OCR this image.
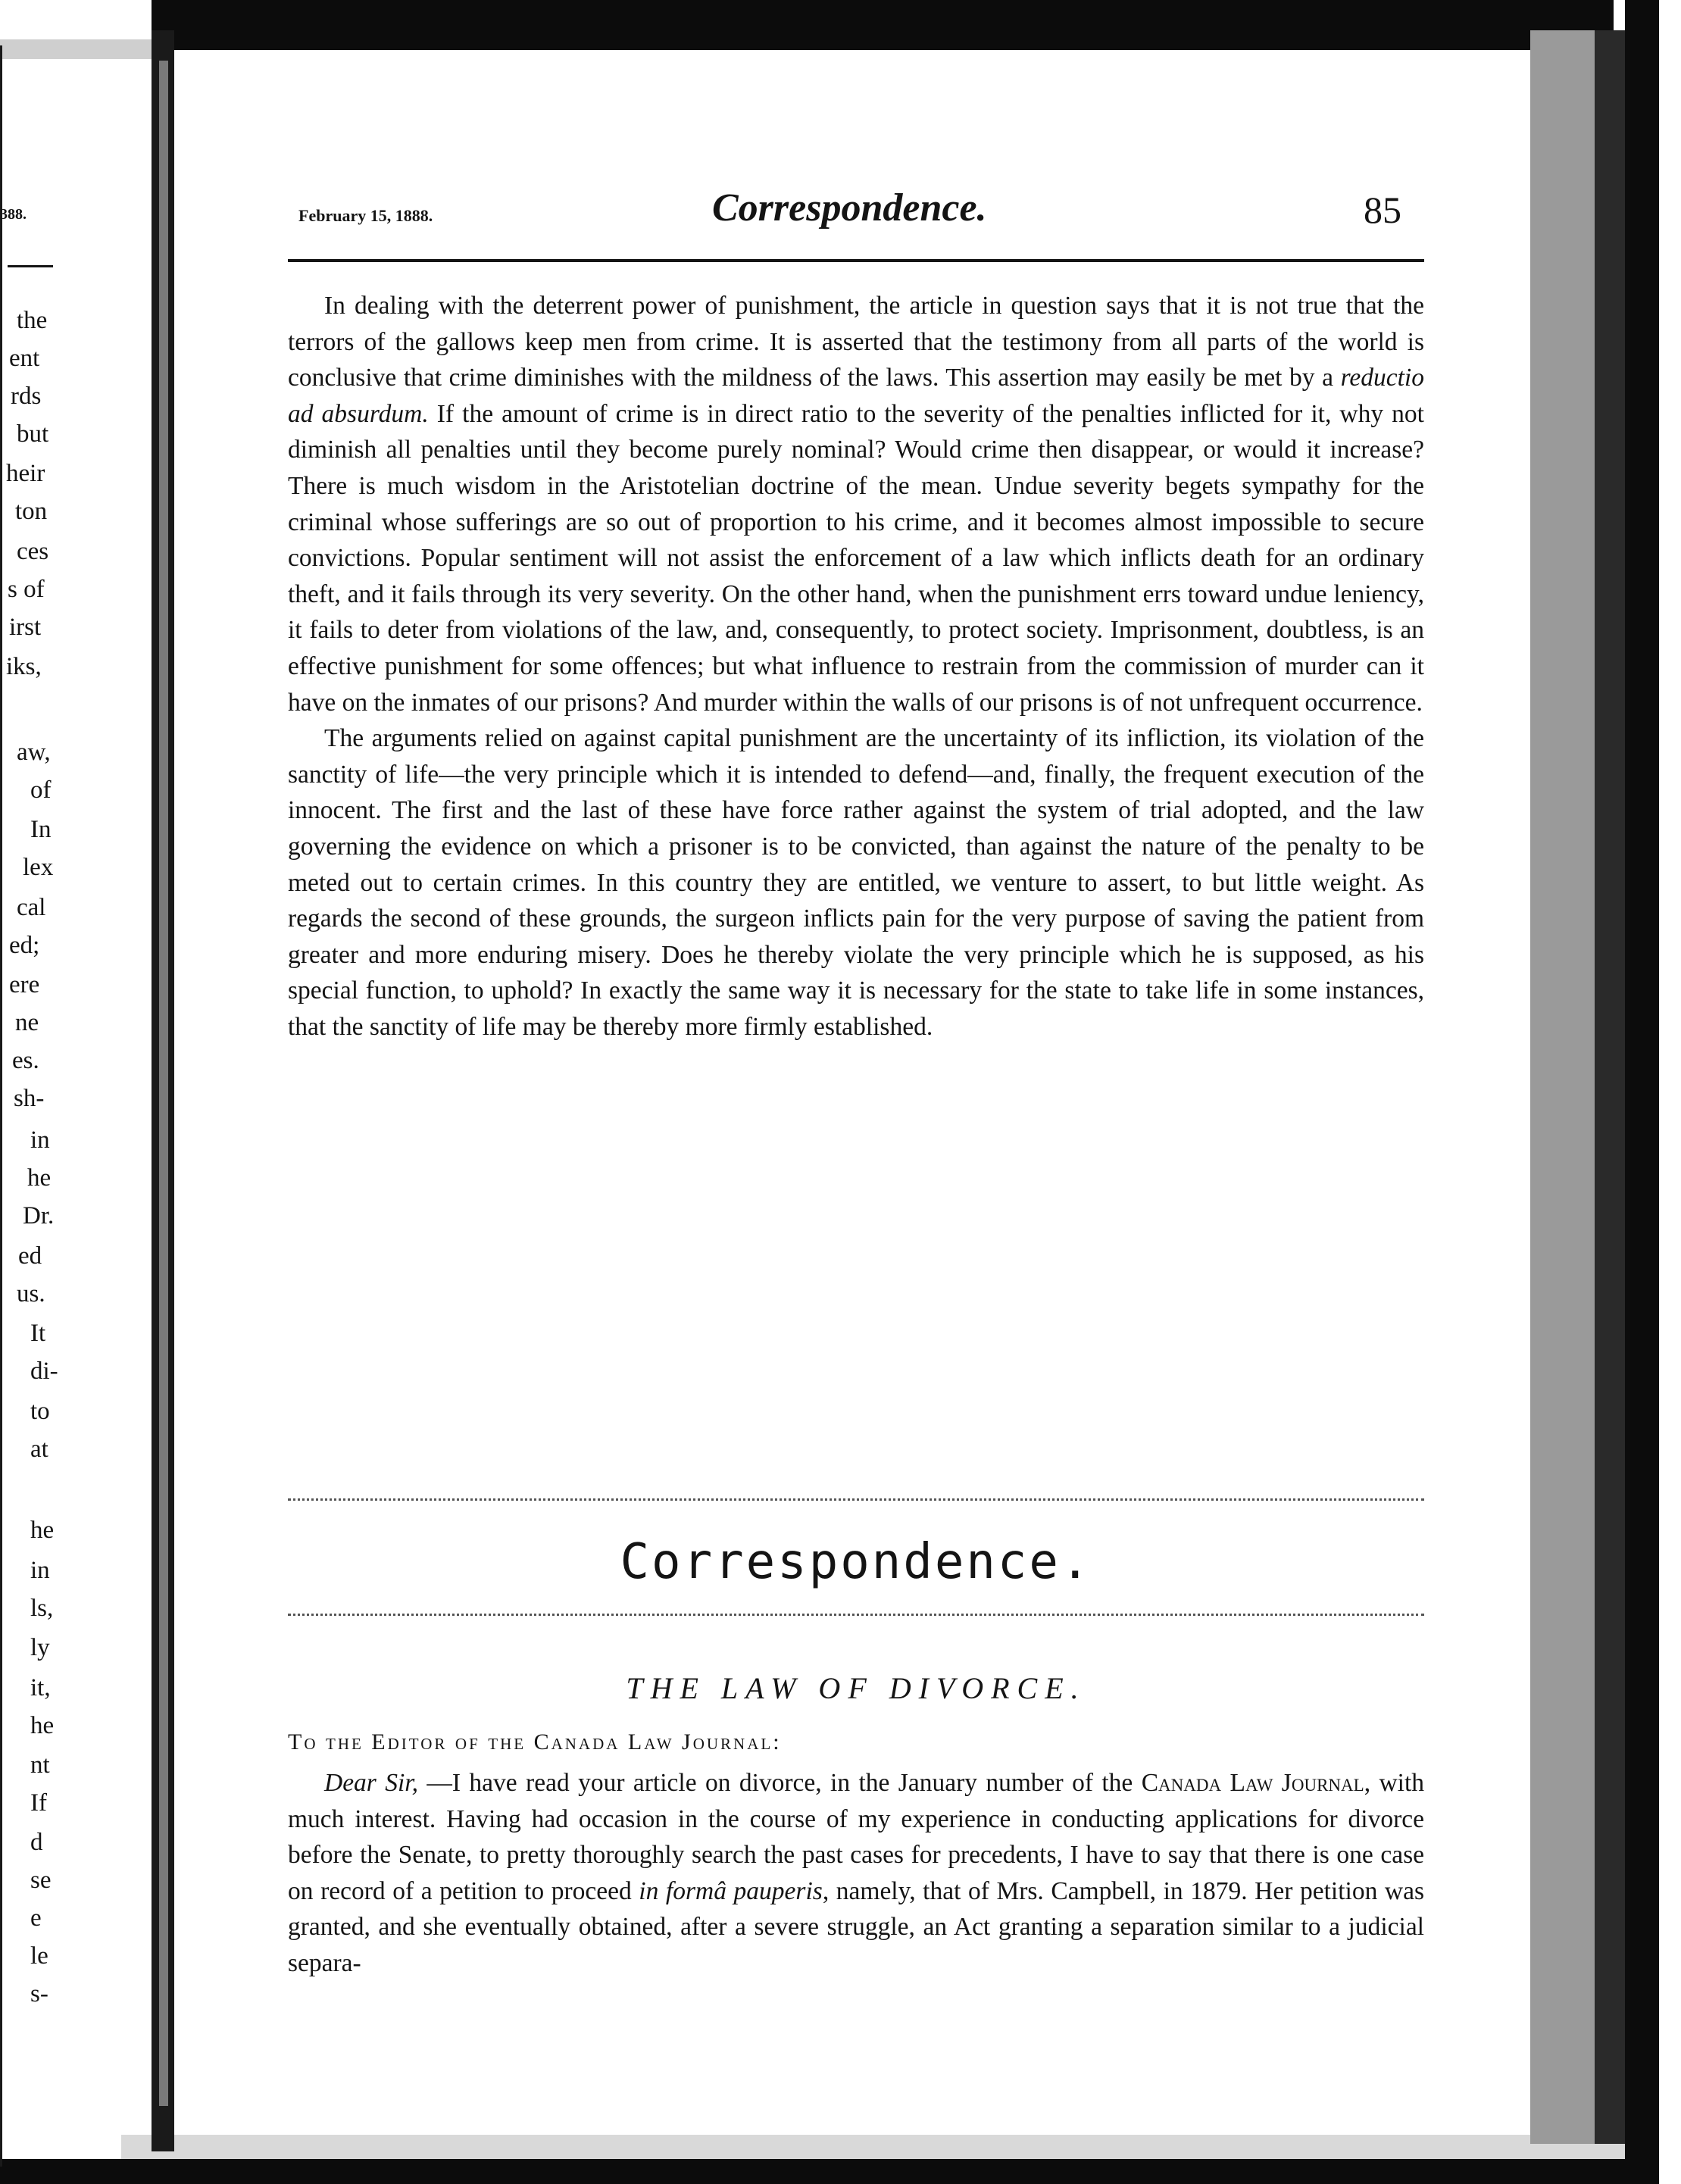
388.
the
ent
rds
but
heir
ton
ces
s of
irst
iks,
aw,
of
In
lex
cal
ed;
ere
ne
es.
sh-
in
he
Dr.
ed
us.
It
di-
to
at
he
in
ls,
ly
it,
he
nt
If
d
se
e
le
s-
February 15, 1888.	Correspondence.	85

In dealing with the deterrent power of punishment, the article in question says that it is not true that the terrors of the gallows keep men from crime. It is asserted that the testimony from all parts of the world is conclusive that crime diminishes with the mildness of the laws. This assertion may easily be met by a reductio ad absurdum. If the amount of crime is in direct ratio to the severity of the penalties inflicted for it, why not diminish all penalties until they become purely nominal? Would crime then disappear, or would it increase? There is much wisdom in the Aristotelian doctrine of the mean. Undue severity begets sympathy for the criminal whose sufferings are so out of proportion to his crime, and it becomes almost impossible to secure convictions. Popular sentiment will not assist the enforcement of a law which inflicts death for an ordinary theft, and it fails through its very severity. On the other hand, when the punishment errs toward undue leniency, it fails to deter from violations of the law, and, consequently, to protect society. Imprisonment, doubtless, is an effective punishment for some offences; but what influence to restrain from the commission of murder can it have on the inmates of our prisons? And murder within the walls of our prisons is of not unfrequent occurrence.

The arguments relied on against capital punishment are the uncertainty of its infliction, its violation of the sanctity of life—the very principle which it is intended to defend—and, finally, the frequent execution of the innocent. The first and the last of these have force rather against the system of trial adopted, and the law governing the evidence on which a prisoner is to be convicted, than against the nature of the penalty to be meted out to certain crimes. In this country they are entitled, we venture to assert, to but little weight. As regards the second of these grounds, the surgeon inflicts pain for the very purpose of saving the patient from greater and more enduring misery. Does he thereby violate the very principle which he is supposed, as his special function, to uphold? In exactly the same way it is necessary for the state to take life in some instances, that the sanctity of life may be thereby more firmly established.

Correspondence.
THE LAW OF DIVORCE.
To the Editor of the Canada Law Journal:

Dear Sir, —I have read your article on divorce, in the January number of the Canada Law Journal, with much interest. Having had occasion in the course of my experience in conducting applications for divorce before the Senate, to pretty thoroughly search the past cases for precedents, I have to say that there is one case on record of a petition to proceed in formâ pauperis, namely, that of Mrs. Campbell, in 1879. Her petition was granted, and she eventually obtained, after a severe struggle, an Act granting a separation similar to a judicial separa-
